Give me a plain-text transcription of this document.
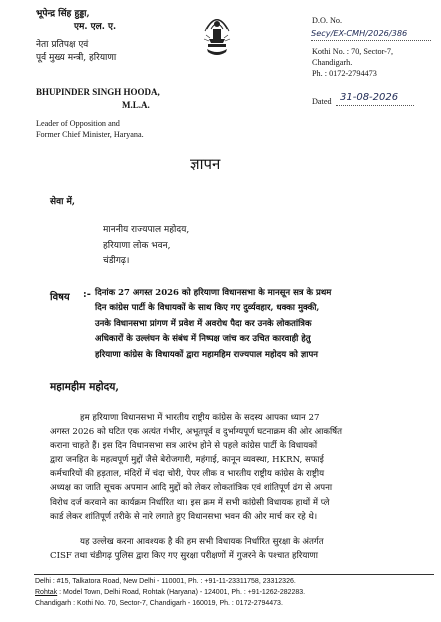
भूपेन्द्र सिंह हुड्डा,
एम. एल. ए.
नेता प्रतिपक्ष एवं
पूर्व मुख्य मन्त्री, हरियाणा
BHUPINDER SINGH HOODA,
M.L.A.
Leader of Opposition and
Former Chief Minister, Haryana.
D.O. No.
Secy/EX-CMH/2026/386
Kothi No. : 70, Sector-7,
Chandigarh.
Ph. : 0172-2794473
Dated 31-08-2026
ज्ञापन
सेवा में,
माननीय राज्यपाल महोदय,
हरियाणा लोक भवन,
चंडीगढ़।
विषय :- दिनांक 27 अगस्त 2026 को हरियाणा विधानसभा के मानसून सत्र के प्रथम
दिन कांग्रेस पार्टी के विधायकों के साथ किए गए दुर्व्यवहार, धक्का मुक्की,
उनके विधानसभा प्रांगण में प्रवेश में अवरोध पैदा कर उनके लोकतांत्रिक
अधिकारों के उल्लंघन के संबंध में निष्पक्ष जांच कर उचित कारवाही हेतु
हरियाणा कांग्रेस के विधायकों द्वारा महामहिम राज्यपाल महोदय को ज्ञापन
महामहीम महोदय,
हम हरियाणा विधानसभा में भारतीय राष्ट्रीय कांग्रेस के सदस्य आपका ध्यान 27
अगस्त 2026 को घटित एक अत्यंत गंभीर, अभूतपूर्व व दुर्भाग्यपूर्ण घटनाक्रम की ओर आकर्षित
कराना चाहते हैं। इस दिन विधानसभा सत्र आरंभ होने से पहले कांग्रेस पार्टी के विधायकों
द्वारा जनहित के महत्वपूर्ण मुद्दों जैसे बेरोजगारी, महंगाई, कानून व्यवस्था, HKRN, सफाई
कर्मचारियों की हड़ताल, मंदिरों में चंदा चोरी, पेपर लीक व भारतीय राष्ट्रीय कांग्रेस के राष्ट्रीय
अध्यक्ष का जाति सूचक अपमान आदि मुद्दों को लेकर लोकतांत्रिक एवं शांतिपूर्ण ढंग से अपना
विरोध दर्ज करवाने का कार्यक्रम निर्धारित था। इस क्रम में सभी कांग्रेसी विधायक हाथों में प्ले
कार्ड लेकर शांतिपूर्ण तरीके से नारे लगाते हुए विधानसभा भवन की ओर मार्च कर रहे थे।
यह उल्लेख करना आवश्यक है की हम सभी विधायक निर्धारित सुरक्षा के अंतर्गत
CISF तथा चंडीगढ़ पुलिस द्वारा किए गए सुरक्षा परीक्षणों में गुजरने के पश्चात हरियाणा
Delhi : #15, Talkatora Road, New Delhi - 110001, Ph. : +91-11-23311758, 23312326.
Rohtak : Model Town, Delhi Road, Rohtak (Haryana) - 124001, Ph. : +91-1262-282283.
Chandigarh : Kothi No. 70, Sector-7, Chandigarh - 160019, Ph. : 0172-2794473.
